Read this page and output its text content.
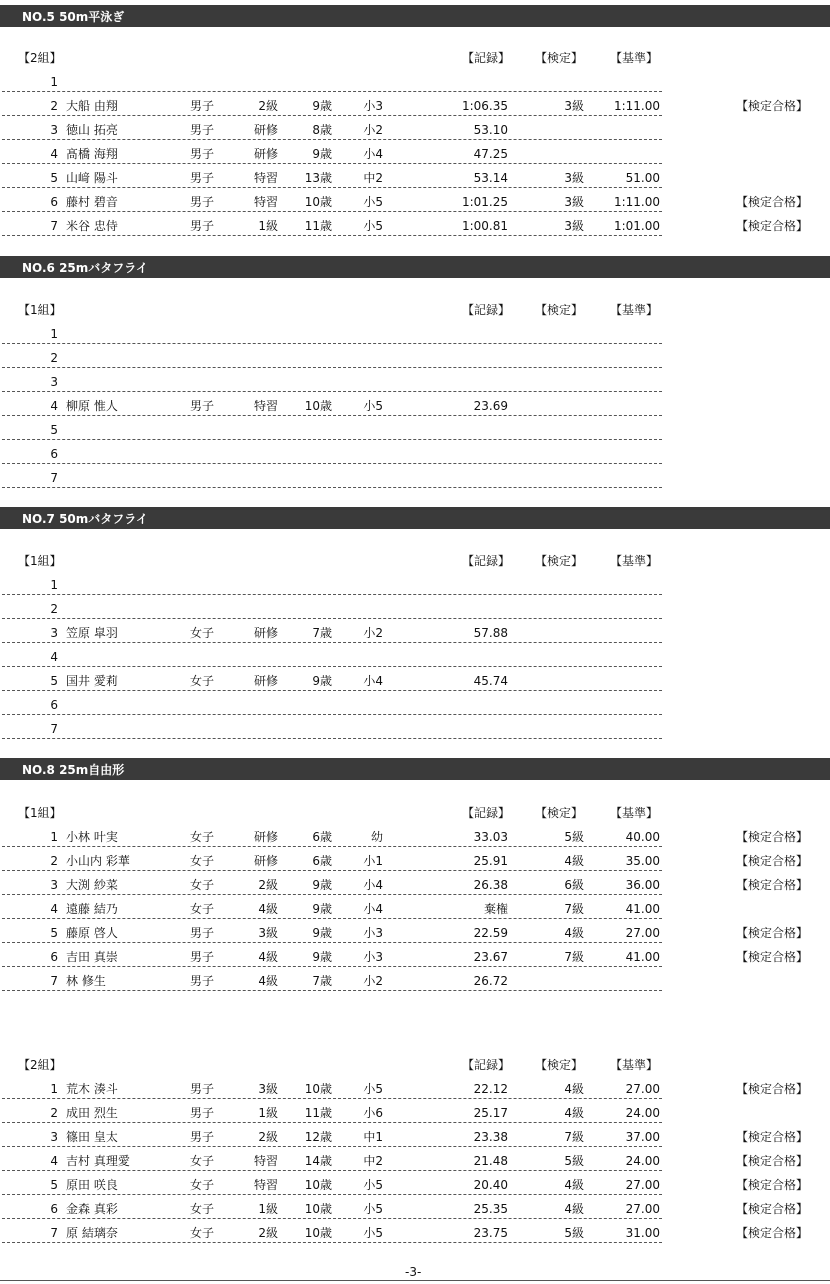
NO.5 50m平泳ぎ
【2組】	【記録】 【検定】 【基準】
1
2 大船 由翔	男子	2級	9歳	小3	1:06.35	3級	1:11.00	【検定合格】
3 徳山 拓亮	男子	研修	8歳	小2	53.10
4 髙橋 海翔	男子	研修	9歳	小4	47.25
5 山﨑 陽斗	男子	特習	13歳	中2	53.14	3級	51.00
6 藤村 碧音	男子	特習	10歳	小5	1:01.25	3級	1:11.00	【検定合格】
7 米谷 忠侍	男子	1級	11歳	小5	1:00.81	3級	1:01.00	【検定合格】
NO.6 25mバタフライ
【1組】	【記録】 【検定】 【基準】
1
2
3
4 柳原 惟人	男子	特習	10歳	小5	23.69
5
6
7
NO.7 50mバタフライ
【1組】	【記録】 【検定】 【基準】
1
2
3 笠原 皐羽	女子	研修	7歳	小2	57.88
4
5 国井 愛莉	女子	研修	9歳	小4	45.74
6
7
NO.8 25m自由形
【1組】	【記録】 【検定】 【基準】
1 小林 叶実	女子	研修	6歳	幼	33.03	5級	40.00	【検定合格】
2 小山内 彩華	女子	研修	6歳	小1	25.91	4級	35.00	【検定合格】
3 大渕 紗菜	女子	2級	9歳	小4	26.38	6級	36.00	【検定合格】
4 遠藤 結乃	女子	4級	9歳	小4	棄権	7級	41.00
5 藤原 啓人	男子	3級	9歳	小3	22.59	4級	27.00	【検定合格】
6 吉田 真崇	男子	4級	9歳	小3	23.67	7級	41.00	【検定合格】
7 林 修生	男子	4級	7歳	小2	26.72
【2組】	【記録】 【検定】 【基準】
1 荒木 湊斗	男子	3級	10歳	小5	22.12	4級	27.00	【検定合格】
2 成田 烈生	男子	1級	11歳	小6	25.17	4級	24.00
3 篠田 皇太	男子	2級	12歳	中1	23.38	7級	37.00	【検定合格】
4 吉村 真理愛	女子	特習	14歳	中2	21.48	5級	24.00	【検定合格】
5 原田 咲良	女子	特習	10歳	小5	20.40	4級	27.00	【検定合格】
6 金森 真彩	女子	1級	10歳	小5	25.35	4級	27.00	【検定合格】
7 原 結璃奈	女子	2級	10歳	小5	23.75	5級	31.00	【検定合格】
-3-
